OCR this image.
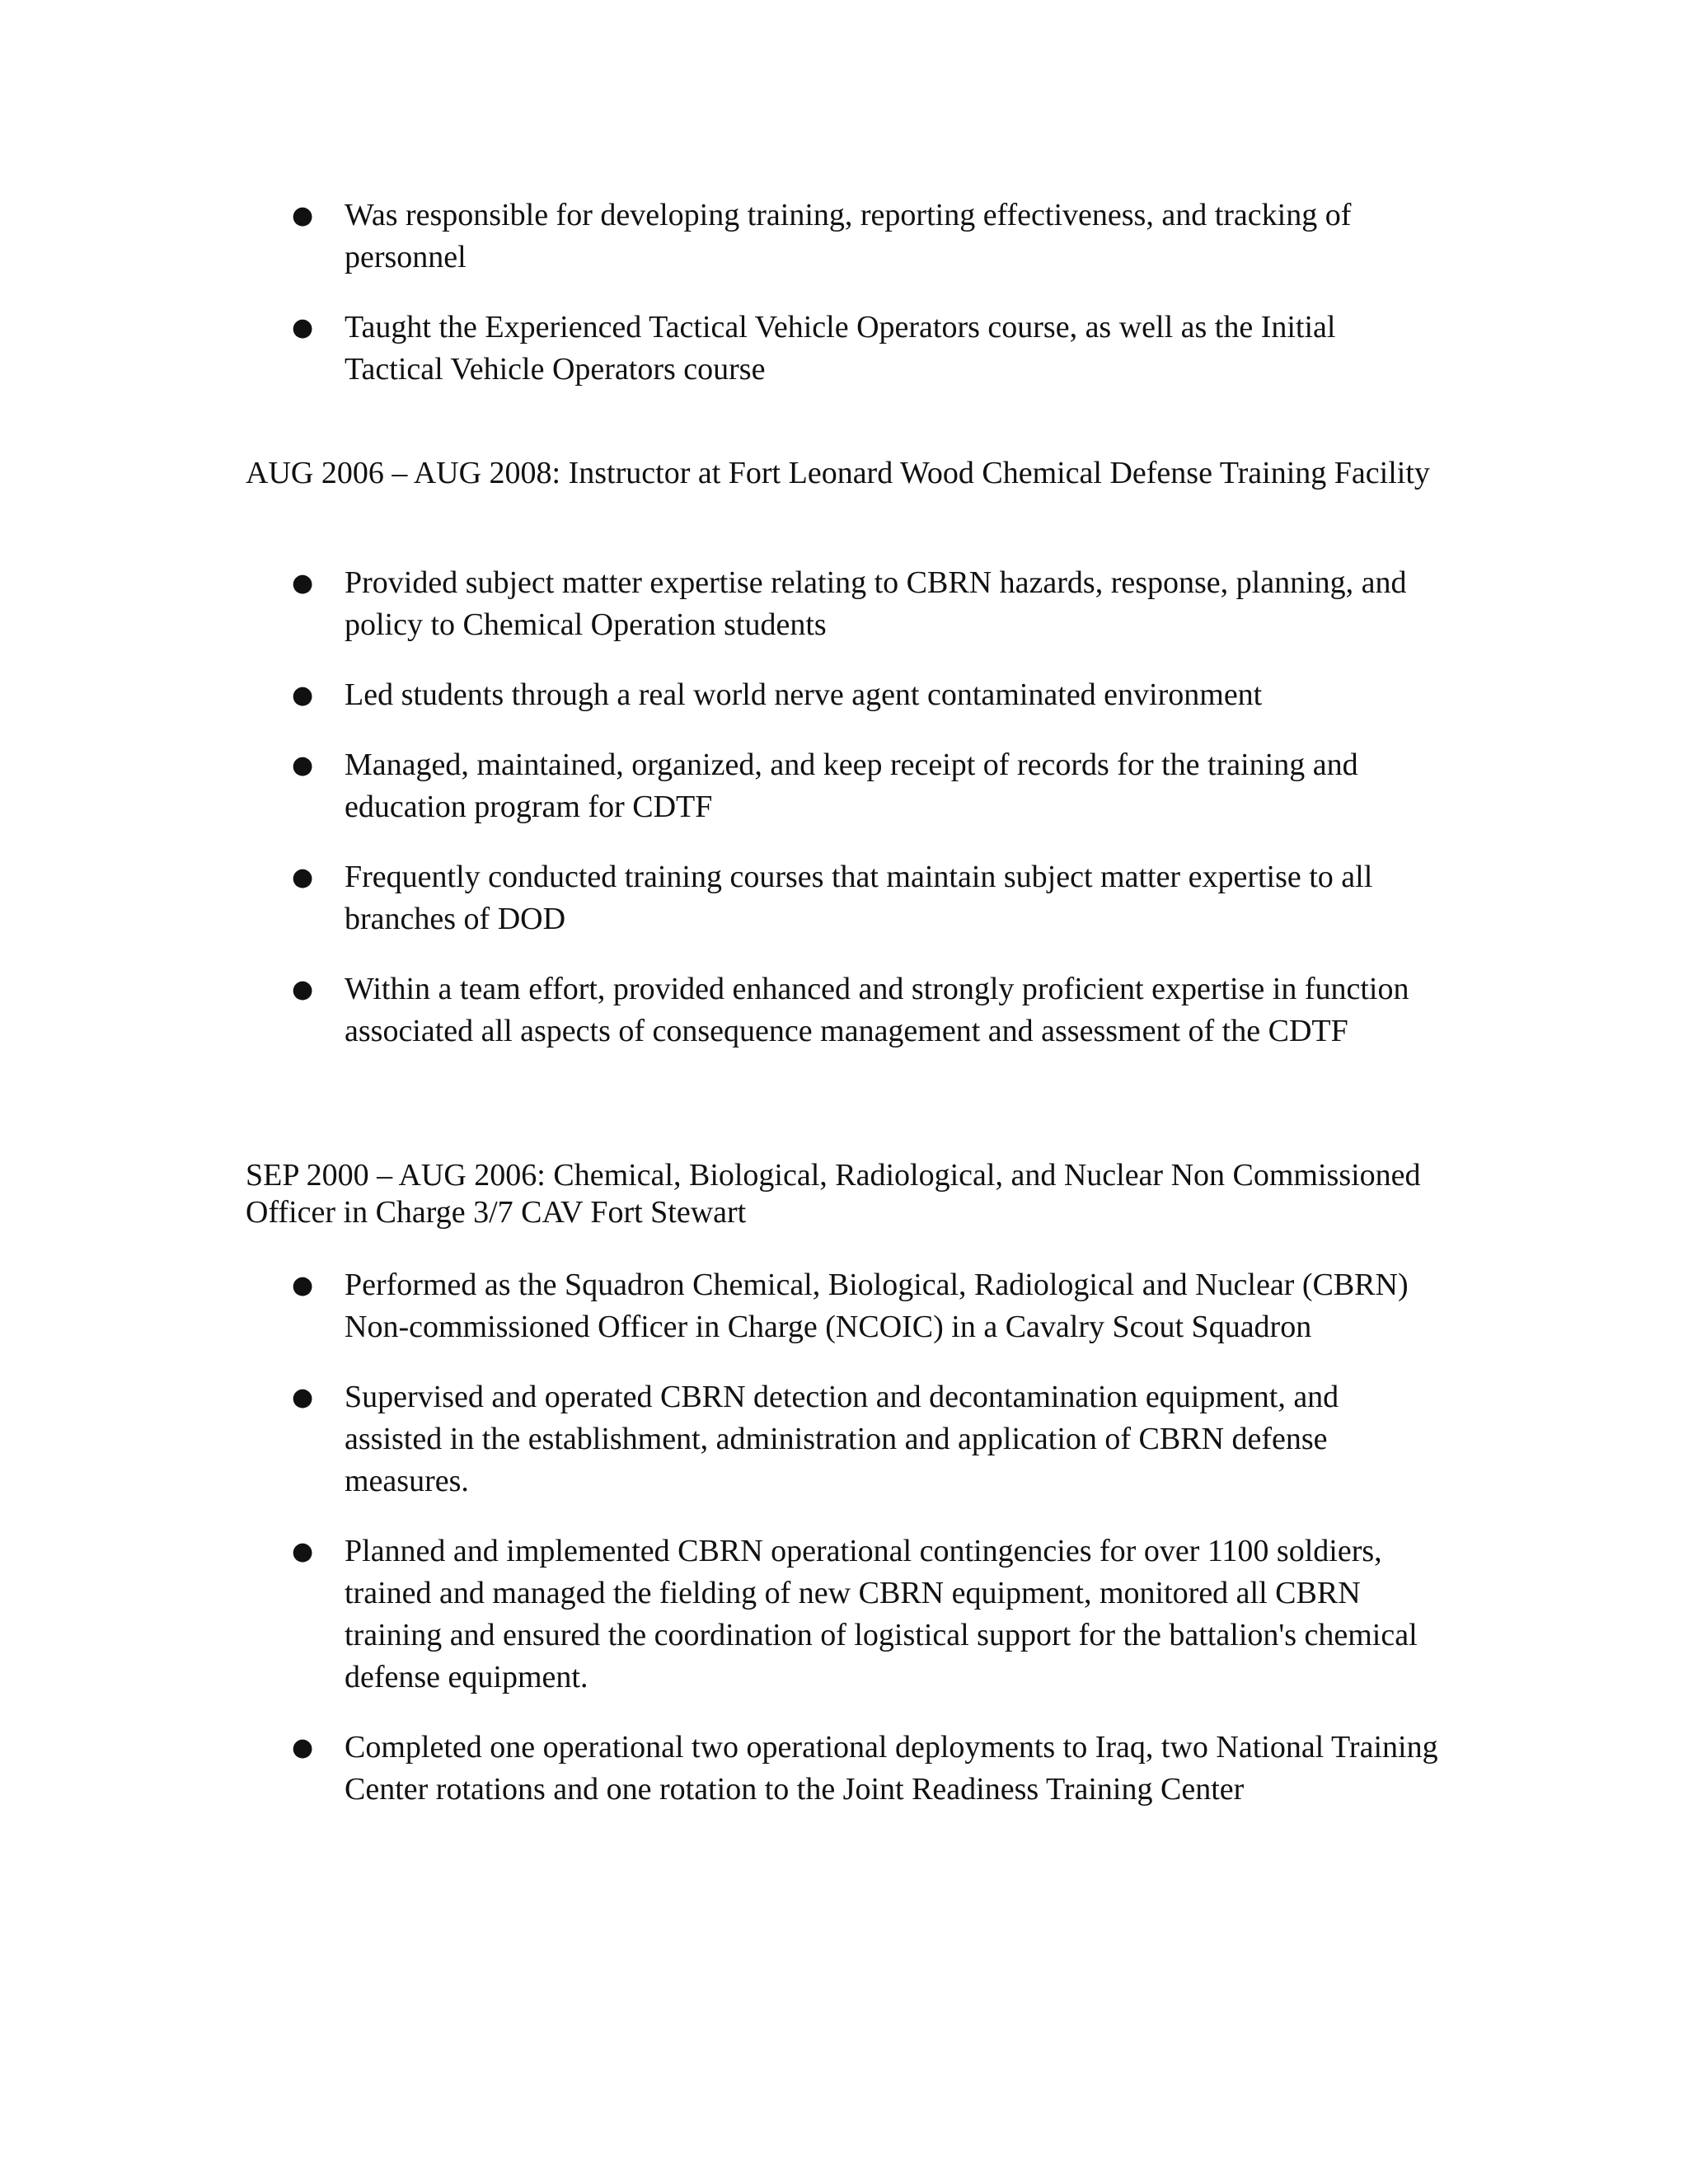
● Was responsible for developing training, reporting effectiveness, and tracking of personnel
● Taught the Experienced Tactical Vehicle Operators course, as well as the Initial Tactical Vehicle Operators course

AUG 2006 – AUG 2008: Instructor at Fort Leonard Wood Chemical Defense Training Facility

● Provided subject matter expertise relating to CBRN hazards, response, planning, and policy to Chemical Operation students
● Led students through a real world nerve agent contaminated environment
● Managed, maintained, organized, and keep receipt of records for the training and education program for CDTF
● Frequently conducted training courses that maintain subject matter expertise to all branches of DOD
● Within a team effort, provided enhanced and strongly proficient expertise in function associated all aspects of consequence management and assessment of the CDTF

SEP 2000 – AUG 2006: Chemical, Biological, Radiological, and Nuclear Non Commissioned Officer in Charge 3/7 CAV Fort Stewart

● Performed as the Squadron Chemical, Biological, Radiological and Nuclear (CBRN) Non-commissioned Officer in Charge (NCOIC) in a Cavalry Scout Squadron
● Supervised and operated CBRN detection and decontamination equipment, and assisted in the establishment, administration and application of CBRN defense measures.
● Planned and implemented CBRN operational contingencies for over 1100 soldiers, trained and managed the fielding of new CBRN equipment, monitored all CBRN training and ensured the coordination of logistical support for the battalion's chemical defense equipment.
● Completed one operational two operational deployments to Iraq, two National Training Center rotations and one rotation to the Joint Readiness Training Center
